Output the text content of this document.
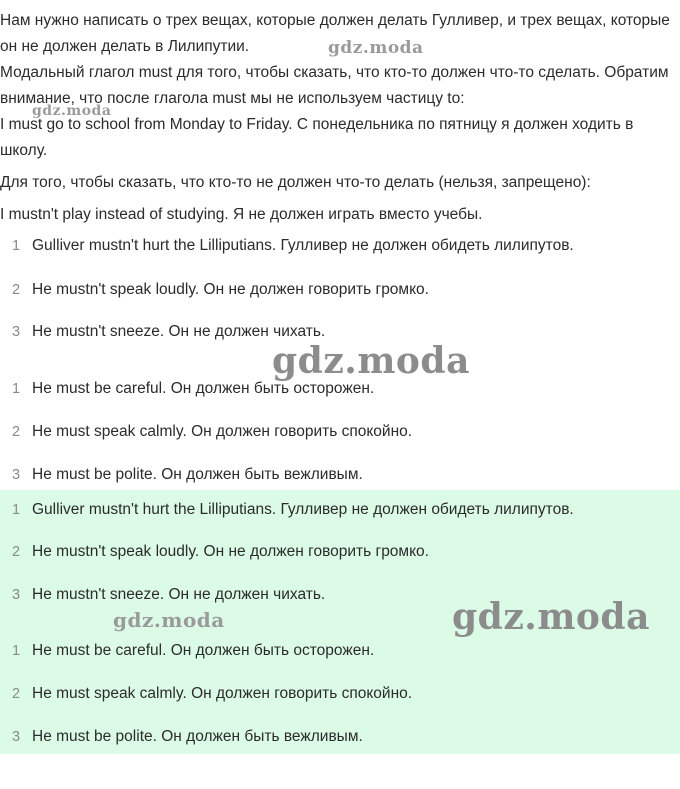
Нам нужно написать о трех вещах, которые должен делать Гулливер, и трех вещах, которые он не должен делать в Лилипутии.

Модальный глагол must для того, чтобы сказать, что кто-то должен что-то сделать. Обратим внимание, что после глагола must мы не используем частицу to:

I must go to school from Monday to Friday. С понедельника по пятницу я должен ходить в школу.

Для того, чтобы сказать, что кто-то не должен что-то делать (нельзя, запрещено):

I mustn't play instead of studying. Я не должен играть вместо учебы.

1 Gulliver mustn't hurt the Lilliputians. Гулливер не должен обидеть лилипутов.
2 He mustn't speak loudly. Он не должен говорить громко.
3 He mustn't sneeze. Он не должен чихать.
1 He must be careful. Он должен быть осторожен.
2 He must speak calmly. Он должен говорить спокойно.
3 He must be polite. Он должен быть вежливым.
1 Gulliver mustn't hurt the Lilliputians. Гулливер не должен обидеть лилипутов.
2 He mustn't speak loudly. Он не должен говорить громко.
3 He mustn't sneeze. Он не должен чихать.
1 He must be careful. Он должен быть осторожен.
2 He must speak calmly. Он должен говорить спокойно.
3 He must be polite. Он должен быть вежливым.
gdz.moda
gdz.moda
gdz.moda
gdz.moda	gdz.moda
